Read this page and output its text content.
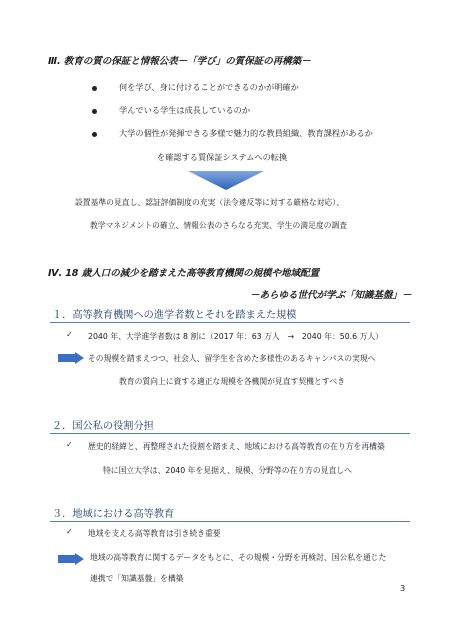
Ⅲ. 教育の質の保証と情報公表－「学び」の質保証の再構築－
何を学び、身に付けることができるのかが明確か
学んでいる学生は成長しているのか
大学の個性が発揮できる多様で魅力的な教員組織、教育課程があるか
を確認する質保証システムへの転換
設置基準の見直し、認証評価制度の充実（法令違反等に対する厳格な対応）、
教学マネジメントの確立、情報公表のさらなる充実、学生の満足度の調査
Ⅳ. 18 歳人口の減少を踏まえた高等教育機関の規模や地域配置
－あらゆる世代が学ぶ「知識基盤」－
１．高等教育機関への進学者数とそれを踏まえた規模
✓ 2040 年、大学進学者数は 8 割に（2017 年：63 万人　→　2040 年：50.6 万人）
その規模を踏まえつつ、社会人、留学生を含めた多様性のあるキャンパスの実現へ
教育の質向上に資する適正な規模を各機関が見直す契機とすべき
２．国公私の役割分担
✓ 歴史的経緯と、再整理された役割を踏まえ、地域における高等教育の在り方を再構築
特に国立大学は、2040 年を見据え、規模、分野等の在り方の見直しへ
３．地域における高等教育
✓ 地域を支える高等教育は引き続き重要
地域の高等教育に関するデータをもとに、その規模・分野を再検討、国公私を通じた
連携で「知識基盤」を構築
3
